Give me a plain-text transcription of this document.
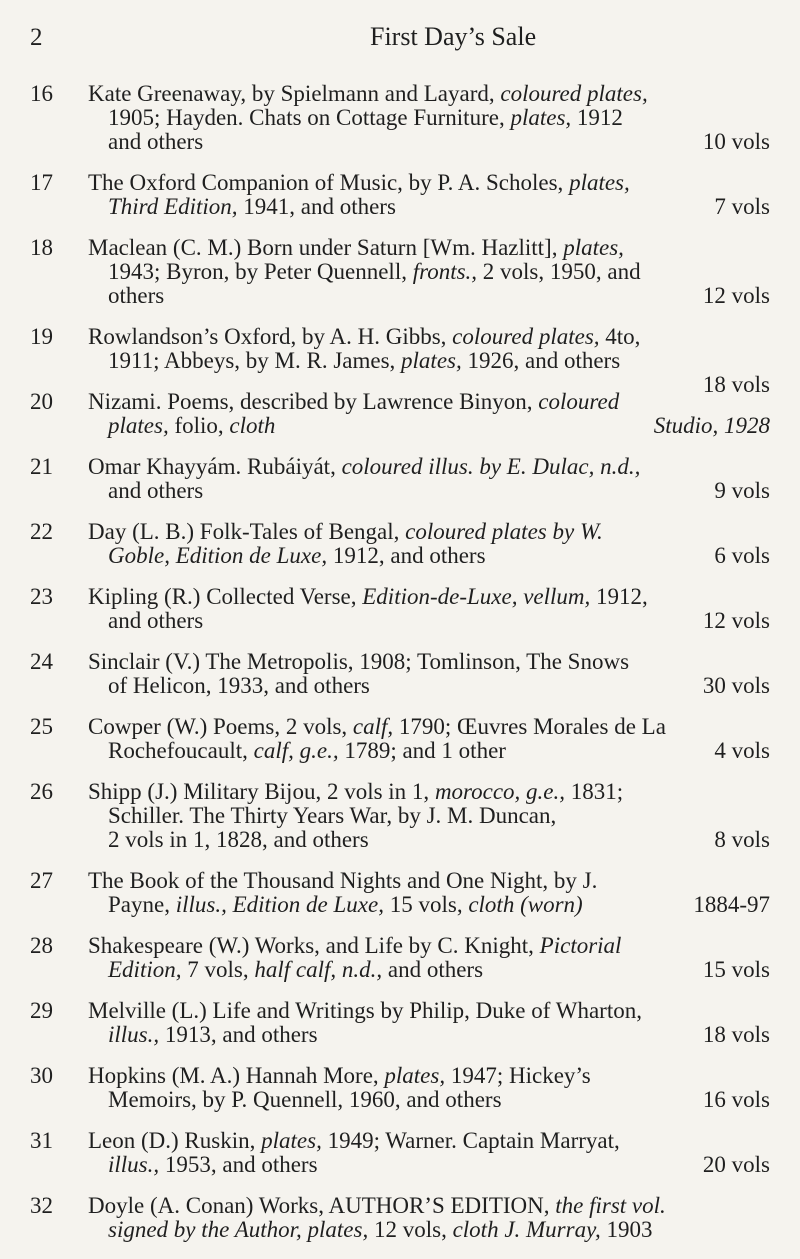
2	First Day’s Sale
16	Kate Greenaway, by Spielmann and Layard, coloured plates,
1905; Hayden. Chats on Cottage Furniture, plates, 1912
and others	10 vols
17	The Oxford Companion of Music, by P. A. Scholes, plates,
Third Edition, 1941, and others	7 vols
18	Maclean (C. M.) Born under Saturn [Wm. Hazlitt], plates,
1943; Byron, by Peter Quennell, fronts., 2 vols, 1950, and
others	12 vols
19	Rowlandson’s Oxford, by A. H. Gibbs, coloured plates, 4to,
1911; Abbeys, by M. R. James, plates, 1926, and others
18 vols
20	Nizami. Poems, described by Lawrence Binyon, coloured
plates, folio, cloth	Studio, 1928
21	Omar Khayyám. Rubáiyát, coloured illus. by E. Dulac, n.d.,
and others	9 vols
22	Day (L. B.) Folk-Tales of Bengal, coloured plates by W.
Goble, Edition de Luxe, 1912, and others	6 vols
23	Kipling (R.) Collected Verse, Edition-de-Luxe, vellum, 1912,
and others	12 vols
24	Sinclair (V.) The Metropolis, 1908; Tomlinson, The Snows
of Helicon, 1933, and others	30 vols
25	Cowper (W.) Poems, 2 vols, calf, 1790; Œuvres Morales de La
Rochefoucault, calf, g.e., 1789; and 1 other	4 vols
26	Shipp (J.) Military Bijou, 2 vols in 1, morocco, g.e., 1831;
Schiller. The Thirty Years War, by J. M. Duncan,
2 vols in 1, 1828, and others	8 vols
27	The Book of the Thousand Nights and One Night, by J.
Payne, illus., Edition de Luxe, 15 vols, cloth (worn)	1884-97
28	Shakespeare (W.) Works, and Life by C. Knight, Pictorial
Edition, 7 vols, half calf, n.d., and others	15 vols
29	Melville (L.) Life and Writings by Philip, Duke of Wharton,
illus., 1913, and others	18 vols
30	Hopkins (M. A.) Hannah More, plates, 1947; Hickey’s
Memoirs, by P. Quennell, 1960, and others	16 vols
31	Leon (D.) Ruskin, plates, 1949; Warner. Captain Marryat,
illus., 1953, and others	20 vols
32	Doyle (A. Conan) Works, AUTHOR’S EDITION, the first vol.
signed by the Author, plates, 12 vols, cloth J. Murray, 1903
